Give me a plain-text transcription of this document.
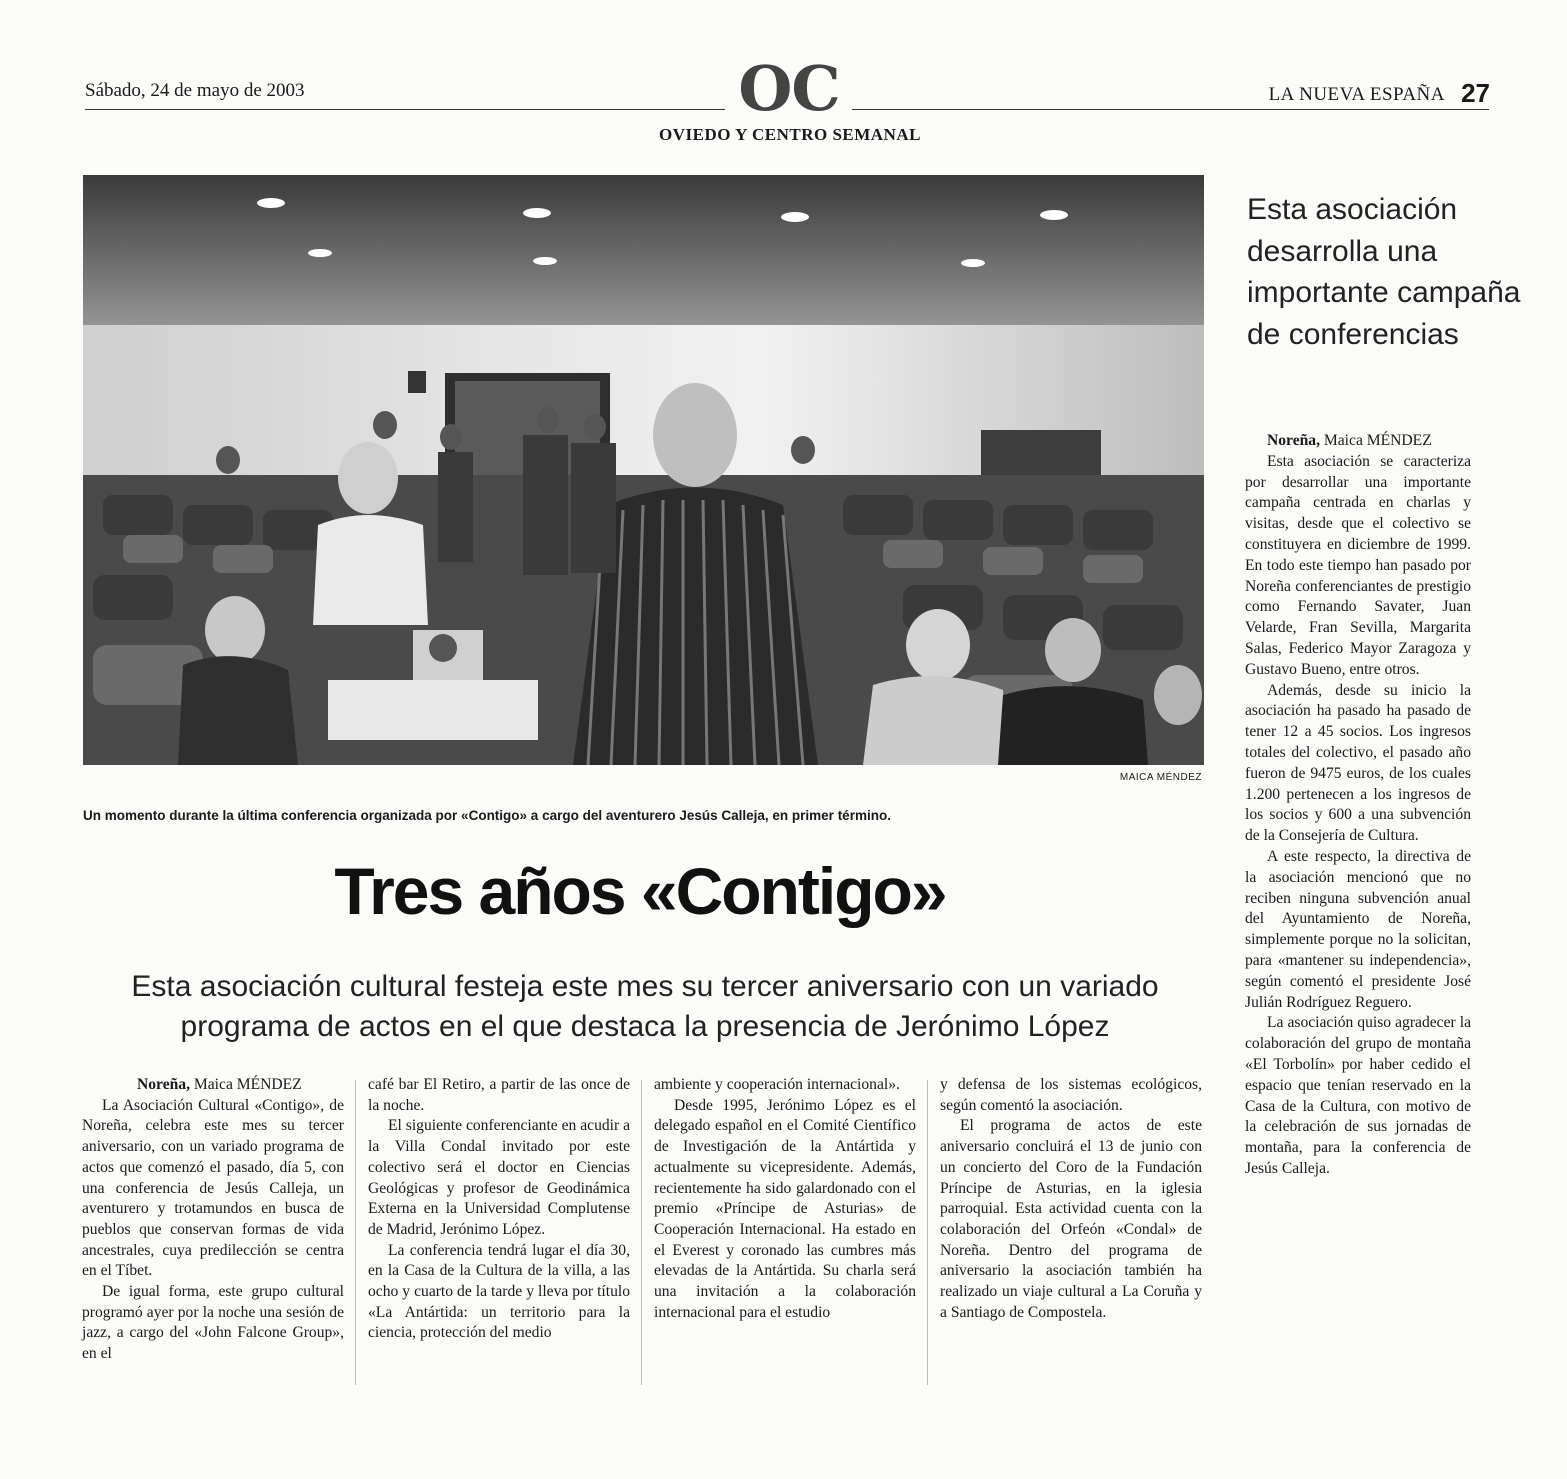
Sábado, 24 de mayo de 2003	OC
OVIEDO Y CENTRO SEMANAL
LA NUEVA ESPAÑA 27
MAICA MÉNDEZ
Un momento durante la última conferencia organizada por «Contigo» a cargo del aventurero Jesús Calleja, en primer término.
Esta asociación desarrolla una importante campaña de conferencias

Noreña, Maica MÉNDEZ

Esta asociación se caracteriza por desarrollar una importante campaña centrada en charlas y visitas, desde que el colectivo se constituyera en diciembre de 1999. En todo este tiempo han pasado por Noreña conferenciantes de prestigio como Fernando Savater, Juan Velarde, Fran Sevilla, Margarita Salas, Federico Mayor Zaragoza y Gustavo Bueno, entre otros.

Además, desde su inicio la asociación ha pasado ha pasado de tener 12 a 45 socios. Los ingresos totales del colectivo, el pasado año fueron de 9475 euros, de los cuales 1.200 pertenecen a los ingresos de los socios y 600 a una subvención de la Consejería de Cultura.

A este respecto, la directiva de la asociación mencionó que no reciben ninguna subvención anual del Ayuntamiento de Noreña, simplemente porque no la solicitan, para «mantener su independencia», según comentó el presidente José Julián Rodríguez Reguero.

La asociación quiso agradecer la colaboración del grupo de montaña «El Torbolín» por haber cedido el espacio que tenían reservado en la Casa de la Cultura, con motivo de la celebración de sus jornadas de montaña, para la conferencia de Jesús Calleja.

Tres años «Contigo»
Esta asociación cultural festeja este mes su tercer aniversario con un variado programa de actos en el que destaca la presencia de Jerónimo López

Noreña, Maica MÉNDEZ

La Asociación Cultural «Contigo», de Noreña, celebra este mes su tercer aniversario, con un variado programa de actos que comenzó el pasado, día 5, con una conferencia de Jesús Calleja, un aventurero y trotamundos en busca de pueblos que conservan formas de vida ancestrales, cuya predilección se centra en el Tíbet.

De igual forma, este grupo cultural programó ayer por la noche una sesión de jazz, a cargo del «John Falcone Group», en el

café bar El Retiro, a partir de las once de la noche.

El siguiente conferenciante en acudir a la Villa Condal invitado por este colectivo será el doctor en Ciencias Geológicas y profesor de Geodinámica Externa en la Universidad Complutense de Madrid, Jerónimo López.

La conferencia tendrá lugar el día 30, en la Casa de la Cultura de la villa, a las ocho y cuarto de la tarde y lleva por título «La Antártida: un territorio para la ciencia, protección del medio

ambiente y cooperación internacional».

Desde 1995, Jerónimo López es el delegado español en el Comité Científico de Investigación de la Antártida y actualmente su vicepresidente. Además, recientemente ha sido galardonado con el premio «Príncipe de Asturias» de Cooperación Internacional. Ha estado en el Everest y coronado las cumbres más elevadas de la Antártida. Su charla será una invitación a la colaboración internacional para el estudio

y defensa de los sistemas ecológicos, según comentó la asociación.

El programa de actos de este aniversario concluirá el 13 de junio con un concierto del Coro de la Fundación Príncipe de Asturias, en la iglesia parroquial. Esta actividad cuenta con la colaboración del Orfeón «Condal» de Noreña. Dentro del programa de aniversario la asociación también ha realizado un viaje cultural a La Coruña y a Santiago de Compostela.
